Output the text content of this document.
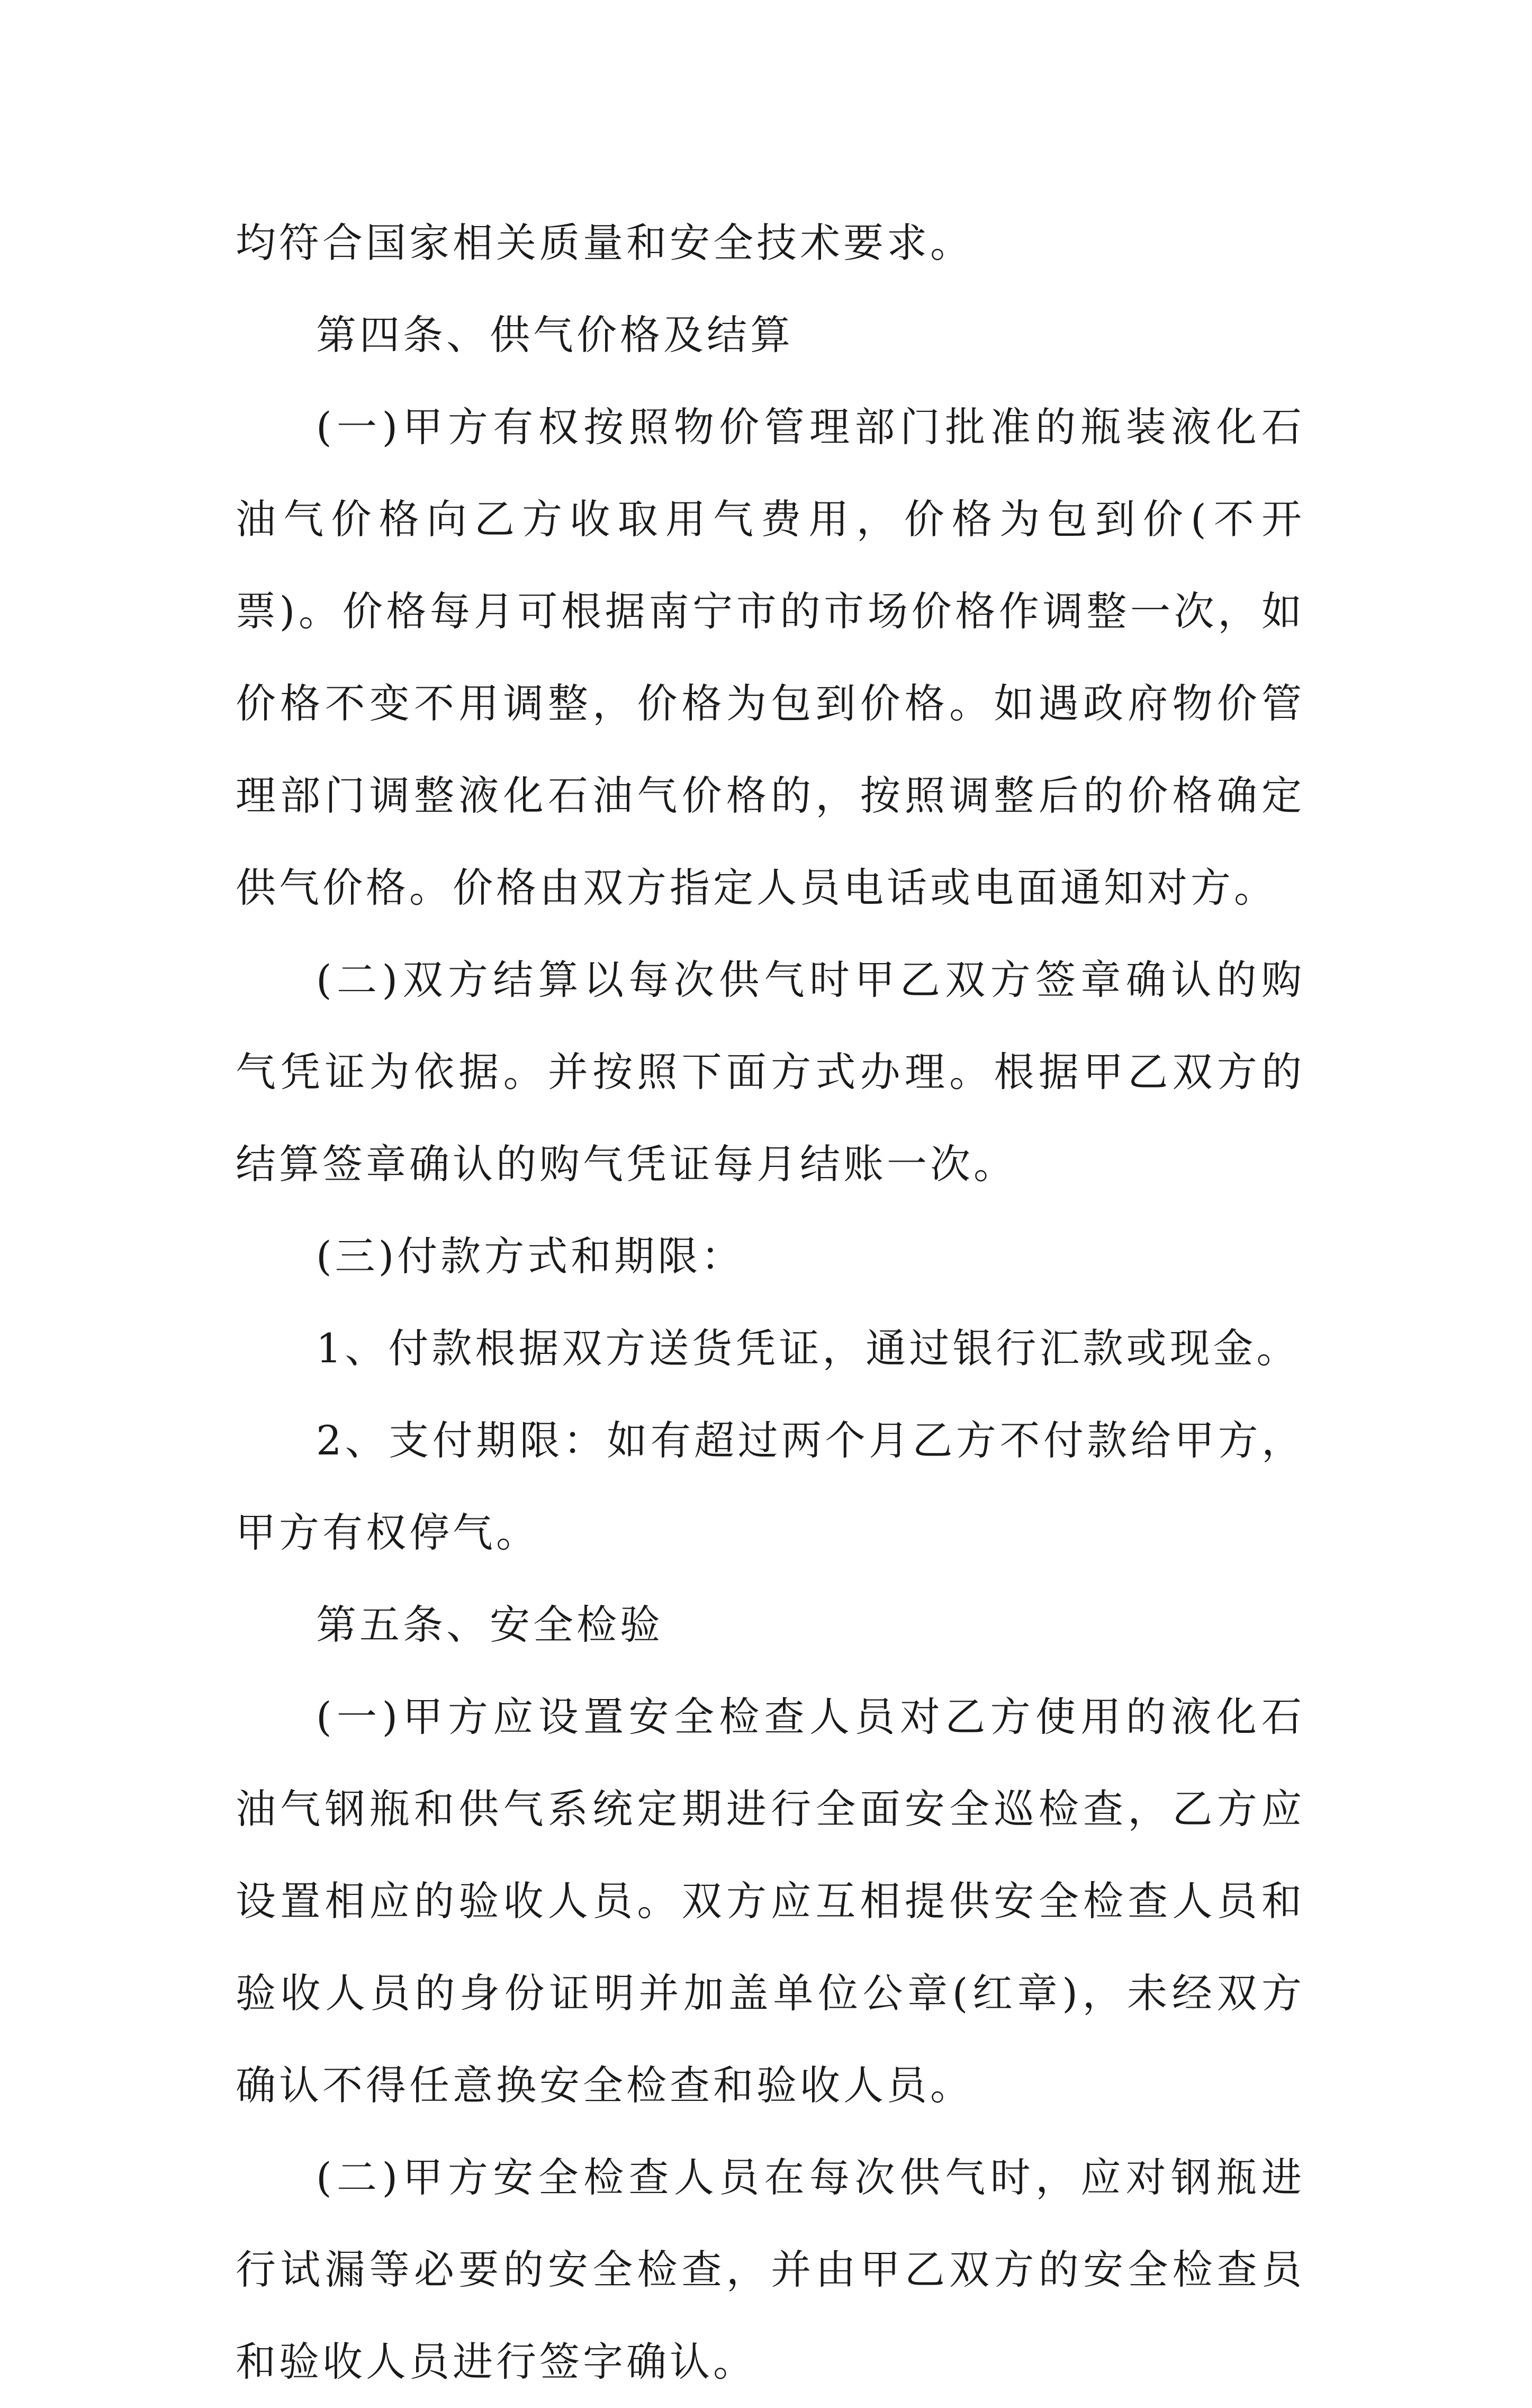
均符合国家相关质量和安全技术要求。

第四条、供气价格及结算

(一)甲方有权按照物价管理部门批准的瓶装液化石油气价格向乙方收取用气费用，价格为包到价(不开票)。价格每月可根据南宁市的市场价格作调整一次，如价格不变不用调整，价格为包到价格。如遇政府物价管理部门调整液化石油气价格的，按照调整后的价格确定供气价格。价格由双方指定人员电话或电面通知对方。

(二)双方结算以每次供气时甲乙双方签章确认的购气凭证为依据。并按照下面方式办理。根据甲乙双方的结算签章确认的购气凭证每月结账一次。

(三)付款方式和期限：

1、付款根据双方送货凭证，通过银行汇款或现金。

2、支付期限：如有超过两个月乙方不付款给甲方，甲方有权停气。

第五条、安全检验

(一)甲方应设置安全检查人员对乙方使用的液化石油气钢瓶和供气系统定期进行全面安全巡检查，乙方应设置相应的验收人员。双方应互相提供安全检查人员和验收人员的身份证明并加盖单位公章(红章)，未经双方确认不得任意换安全检查和验收人员。

(二)甲方安全检查人员在每次供气时，应对钢瓶进行试漏等必要的安全检查，并由甲乙双方的安全检查员和验收人员进行签字确认。
